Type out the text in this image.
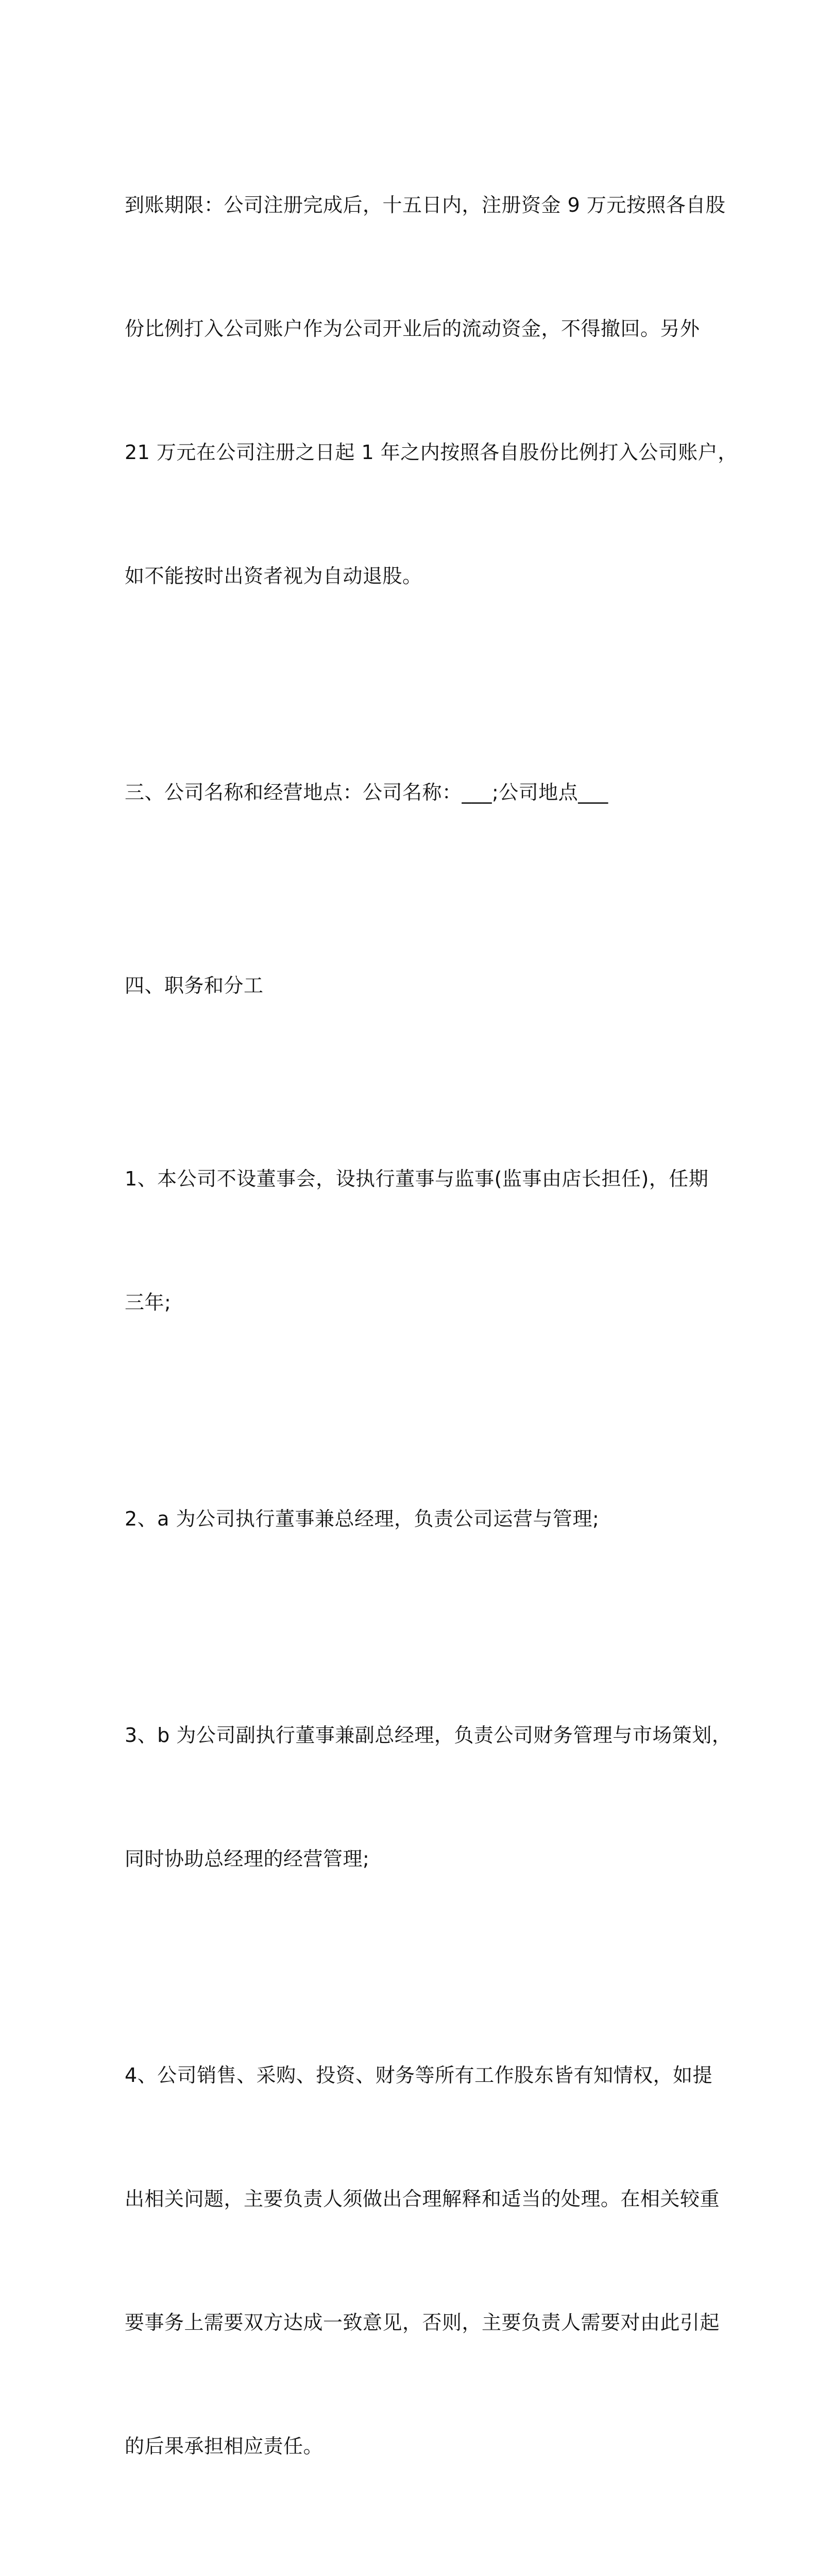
到账期限：公司注册完成后，十五日内，注册资金 9 万元按照各自股

份比例打入公司账户作为公司开业后的流动资金，不得撤回。另外

21 万元在公司注册之日起 1 年之内按照各自股份比例打入公司账户，

如不能按时出资者视为自动退股。

三、公司名称和经营地点：公司名称：___;公司地点___

四、职务和分工

1、本公司不设董事会，设执行董事与监事(监事由店长担任)，任期

三年;

2、a 为公司执行董事兼总经理，负责公司运营与管理;

3、b 为公司副执行董事兼副总经理，负责公司财务管理与市场策划，

同时协助总经理的经营管理;

4、公司销售、采购、投资、财务等所有工作股东皆有知情权，如提

出相关问题，主要负责人须做出合理解释和适当的处理。在相关较重

要事务上需要双方达成一致意见，否则，主要负责人需要对由此引起

的后果承担相应责任。
